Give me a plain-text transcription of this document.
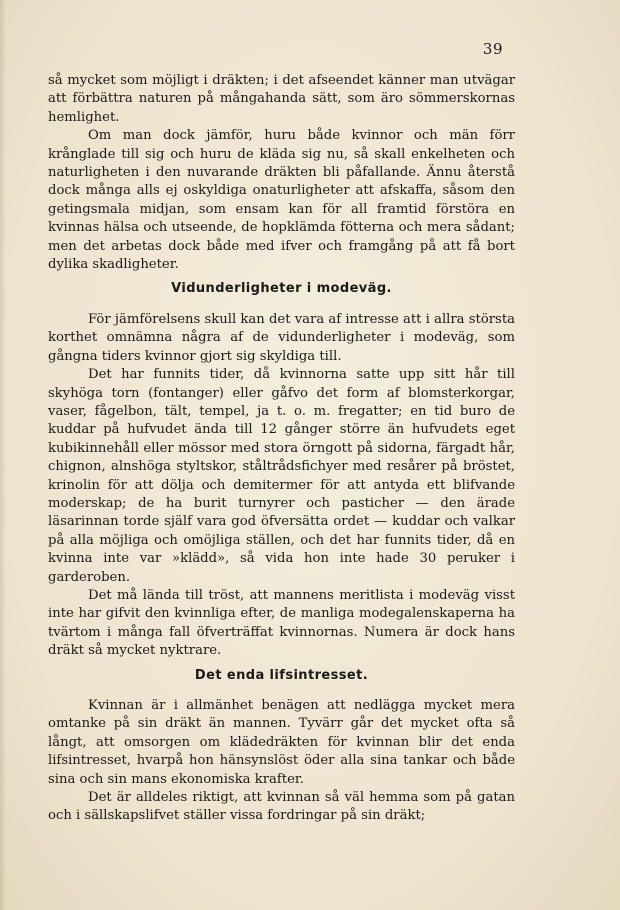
39

så mycket som möjligt i dräkten; i det afseendet känner man utvägar att förbättra naturen på mångahanda sätt, som äro sömmerskornas hemlighet.

Om man dock jämför, huru både kvinnor och män förr krånglade till sig och huru de kläda sig nu, så skall enkelheten och naturligheten i den nuvarande dräkten bli påfallande. Ännu återstå dock många alls ej oskyldiga onaturligheter att afskaffa, såsom den getingsmala midjan, som ensam kan för all framtid förstöra en kvinnas hälsa och utseende, de hopklämda fötterna och mera sådant; men det arbetas dock både med ifver och framgång på att få bort dylika skadligheter.

Vidunderligheter i modeväg.

För jämförelsens skull kan det vara af intresse att i allra största korthet omnämna några af de vidunderligheter i modeväg, som gångna tiders kvinnor gjort sig skyldiga till.

Det har funnits tider, då kvinnorna satte upp sitt hår till skyhöga torn (fontanger) eller gåfvo det form af blomsterkorgar, vaser, fågelbon, tält, tempel, ja t. o. m. fregatter; en tid buro de kuddar på hufvudet ända till 12 gånger större än hufvudets eget kubikinnehåll eller mössor med stora örngott på sidorna, färgadt hår, chignon, alnshöga styltskor, ståltrådsfichyer med resårer på bröstet, krinolin för att dölja och demitermer för att antyda ett blifvande moderskap; de ha burit turnyrer och pasticher — den ärade läsarinnan torde själf vara god öfversätta ordet — kuddar och valkar på alla möjliga och omöjliga ställen, och det har funnits tider, då en kvinna inte var »klädd», så vida hon inte hade 30 peruker i garderoben.

Det må lända till tröst, att mannens meritlista i modeväg visst inte har gifvit den kvinnliga efter, de manliga modegalenskaperna ha tvärtom i många fall öfverträffat kvinnornas. Numera är dock hans dräkt så mycket nyktrare.

Det enda lifsintresset.

Kvinnan är i allmänhet benägen att nedlägga mycket mera omtanke på sin dräkt än mannen. Tyvärr går det mycket ofta så långt, att omsorgen om klädedräkten för kvinnan blir det enda lifsintresset, hvarpå hon hänsynslöst öder alla sina tankar och både sina och sin mans ekonomiska krafter.

Det är alldeles riktigt, att kvinnan så väl hemma som på gatan och i sällskapslifvet ställer vissa fordringar på sin dräkt;
